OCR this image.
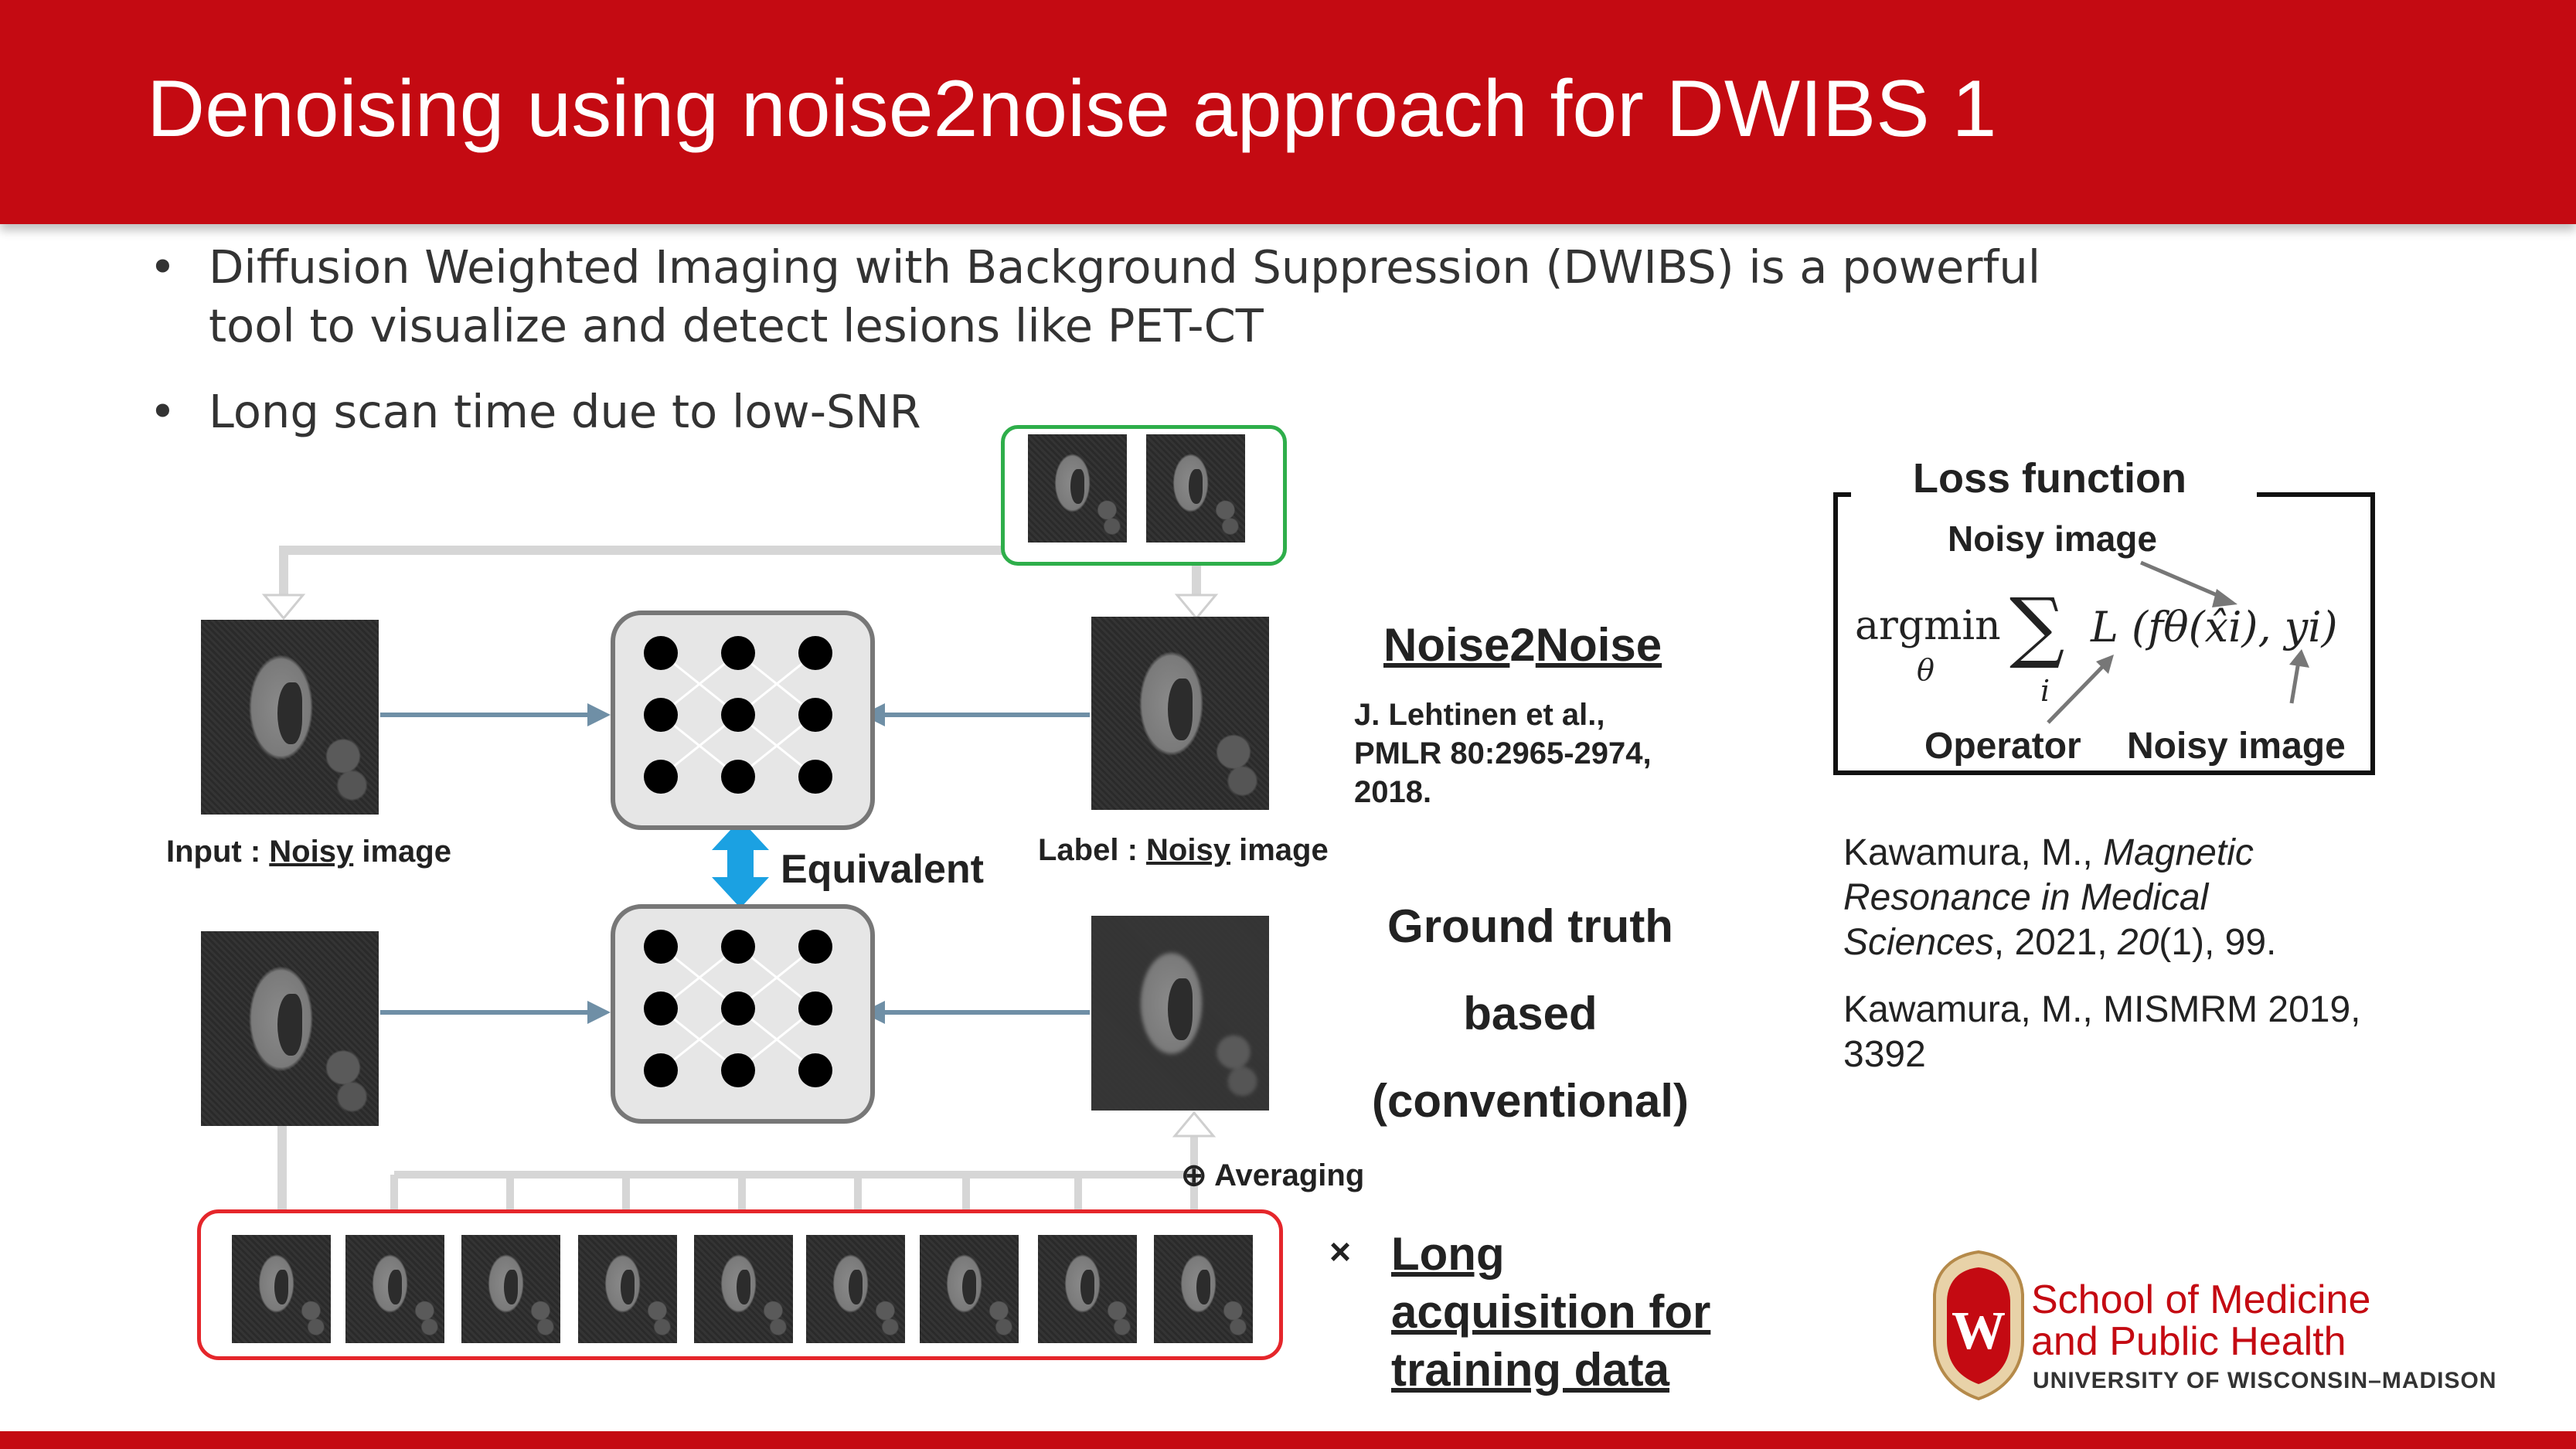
Denoising using noise2noise approach for DWIBS 1
• Diffusion Weighted Imaging with Background Suppression (DWIBS) is a powerful
tool to visualize and detect lesions like PET-CT
• Long scan time due to low-SNR
Input : Noisy image	Label : Noisy image
Equivalent
⊕ Averaging
Noise2Noise
J. Lehtinen et al.,
PMLR 80:2965-2974,
2018.
Ground truth
based
(conventional)
× Long
acquisition for
training data
Loss function
Noisy image
argmin
θ ∑
i
L (fθ(x̂i), yi)
Operator Noisy image
Kawamura, M., Magnetic
Resonance in Medical
Sciences, 2021, 20(1), 99.
Kawamura, M., MISMRM 2019,
3392
W
School of Medicine
and Public Health
UNIVERSITY OF WISCONSIN–MADISON
